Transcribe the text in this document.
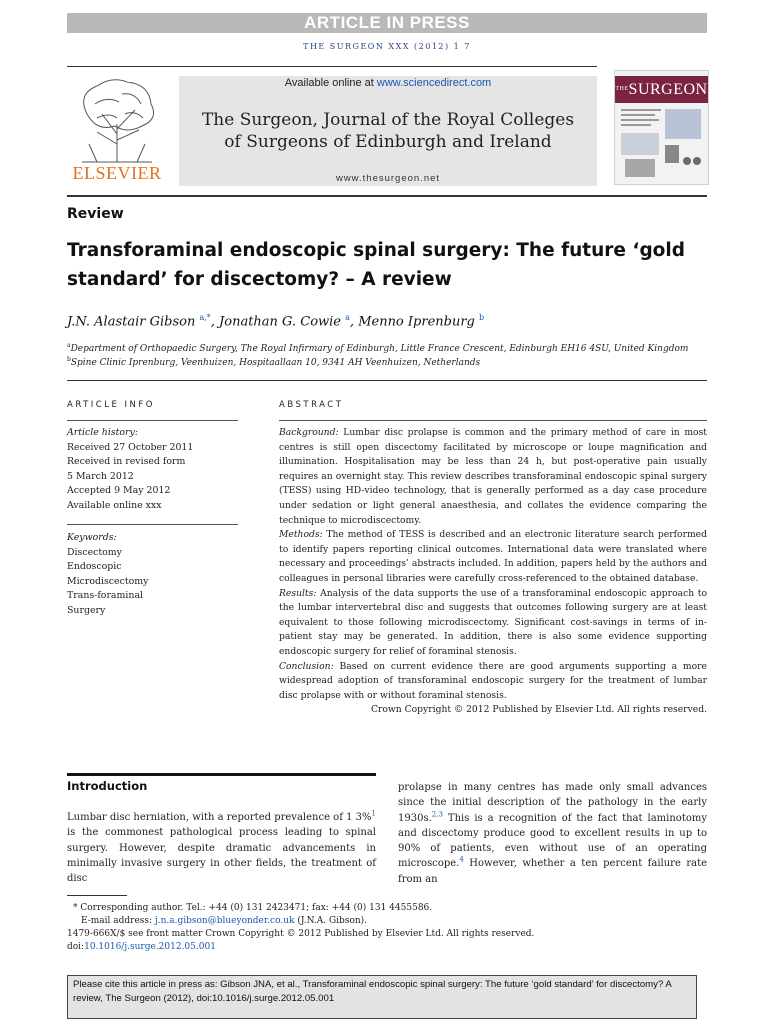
ARTICLE IN PRESS
THE SURGEON XXX (2012) 1 7
ELSEVIER
Available online at www.sciencedirect.com
The Surgeon, Journal of the Royal Colleges
of Surgeons of Edinburgh and Ireland
www.thesurgeon.net
$^{THE}$SURGEON
Review
Transforaminal endoscopic spinal surgery: The future ‘gold
standard’ for discectomy? – A review
J.N. Alastair Gibson $^{a,*}$, Jonathan G. Cowie $^a$, Menno Iprenburg $^b$
$^a$Department of Orthopaedic Surgery, The Royal Infirmary of Edinburgh, Little France Crescent, Edinburgh EH16 4SU, United Kingdom
$^b$Spine Clinic Iprenburg, Veenhuizen, Hospitaallaan 10, 9341 AH Veenhuizen, Netherlands
ARTICLE INFO
Article history:
Received 27 October 2011
Received in revised form
5 March 2012
Accepted 9 May 2012
Available online xxx
Keywords:
Discectomy
Endoscopic
Microdiscectomy
Trans-foraminal
Surgery
ABSTRACT

Background: Lumbar disc prolapse is common and the primary method of care in most centres is still open discectomy facilitated by microscope or loupe magnification and illumination. Hospitalisation may be less than 24 h, but post-operative pain usually requires an overnight stay. This review describes transforaminal endoscopic spinal surgery (TESS) using HD-video technology, that is generally performed as a day case procedure under sedation or light general anaesthesia, and collates the evidence comparing the technique to microdiscectomy.

Methods: The method of TESS is described and an electronic literature search performed to identify papers reporting clinical outcomes. International data were translated where necessary and proceedings’ abstracts included. In addition, papers held by the authors and colleagues in personal libraries were carefully cross-referenced to the obtained database.

Results: Analysis of the data supports the use of a transforaminal endoscopic approach to the lumbar intervertebral disc and suggests that outcomes following surgery are at least equivalent to those following microdiscectomy. Significant cost-savings in terms of in-patient stay may be generated. In addition, there is also some evidence supporting endoscopic surgery for relief of foraminal stenosis.

Conclusion: Based on current evidence there are good arguments supporting a more widespread adoption of transforaminal endoscopic surgery for the treatment of lumbar disc prolapse with or without foraminal stenosis.

Crown Copyright © 2012 Published by Elsevier Ltd. All rights reserved.

Introduction
Lumbar disc herniation, with a reported prevalence of 1 3%$^1$ is the commonest pathological process leading to spinal surgery. However, despite dramatic advancements in minimally invasive surgery in other fields, the treatment of disc
prolapse in many centres has made only small advances since the initial description of the pathology in the early 1930s.$^{2,3}$ This is a recognition of the fact that laminotomy and discectomy produce good to excellent results in up to 90% of patients, even without use of an operating microscope.$^4$ However, whether a ten percent failure rate from an
* Corresponding author. Tel.: +44 (0) 131 2423471; fax: +44 (0) 131 4455586.
E-mail address: j.n.a.gibson@blueyonder.co.uk (J.N.A. Gibson).
1479-666X/$ see front matter Crown Copyright © 2012 Published by Elsevier Ltd. All rights reserved.
doi:10.1016/j.surge.2012.05.001
Please cite this article in press as: Gibson JNA, et al., Transforaminal endoscopic spinal surgery: The future ‘gold standard’ for discectomy? A review, The Surgeon (2012), doi:10.1016/j.surge.2012.05.001
